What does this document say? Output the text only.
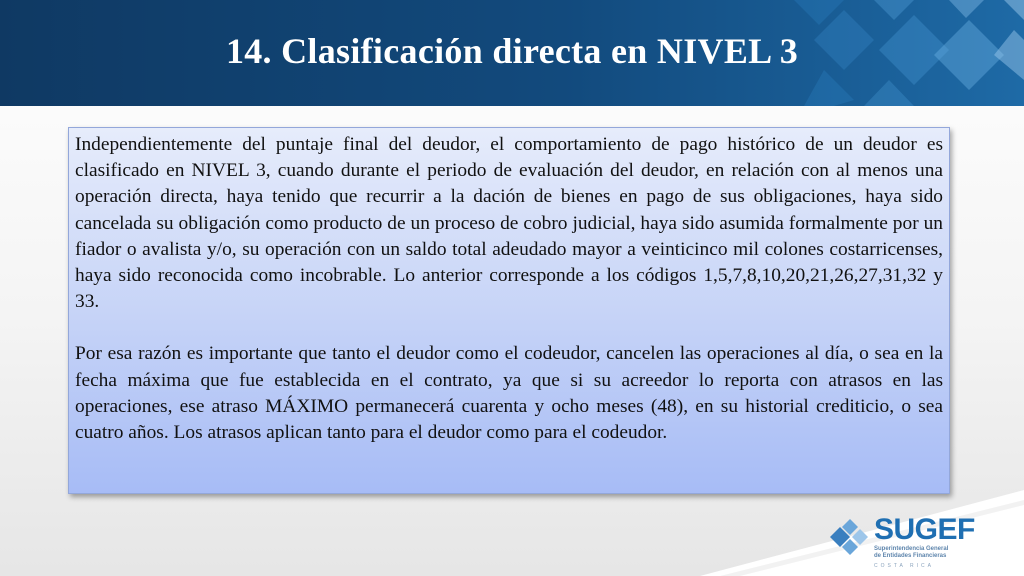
14. Clasificación directa en NIVEL 3

Independientemente del puntaje final del deudor, el comportamiento de pago histórico de un deudor es clasificado en NIVEL 3, cuando durante el periodo de evaluación del deudor, en relación con al menos una operación directa, haya tenido que recurrir a la dación de bienes en pago de sus obligaciones, haya sido cancelada su obligación como producto de un proceso de cobro judicial, haya sido asumida formalmente por un fiador o avalista y/o, su operación con un saldo total adeudado mayor a veinticinco mil colones costarricenses, haya sido reconocida como incobrable. Lo anterior corresponde a los códigos 1,5,7,8,10,20,21,26,27,31,32 y 33.

Por esa razón es importante que tanto el deudor como el codeudor, cancelen las operaciones al día, o sea en la fecha máxima que fue establecida en el contrato, ya que si su acreedor lo reporta con atrasos en las operaciones, ese atraso MÁXIMO permanecerá cuarenta y ocho meses (48), en su historial crediticio, o sea cuatro años. Los atrasos aplican tanto para el deudor como para el codeudor.

SUGEF
Superintendencia General
de Entidades Financieras
COSTA RICA
